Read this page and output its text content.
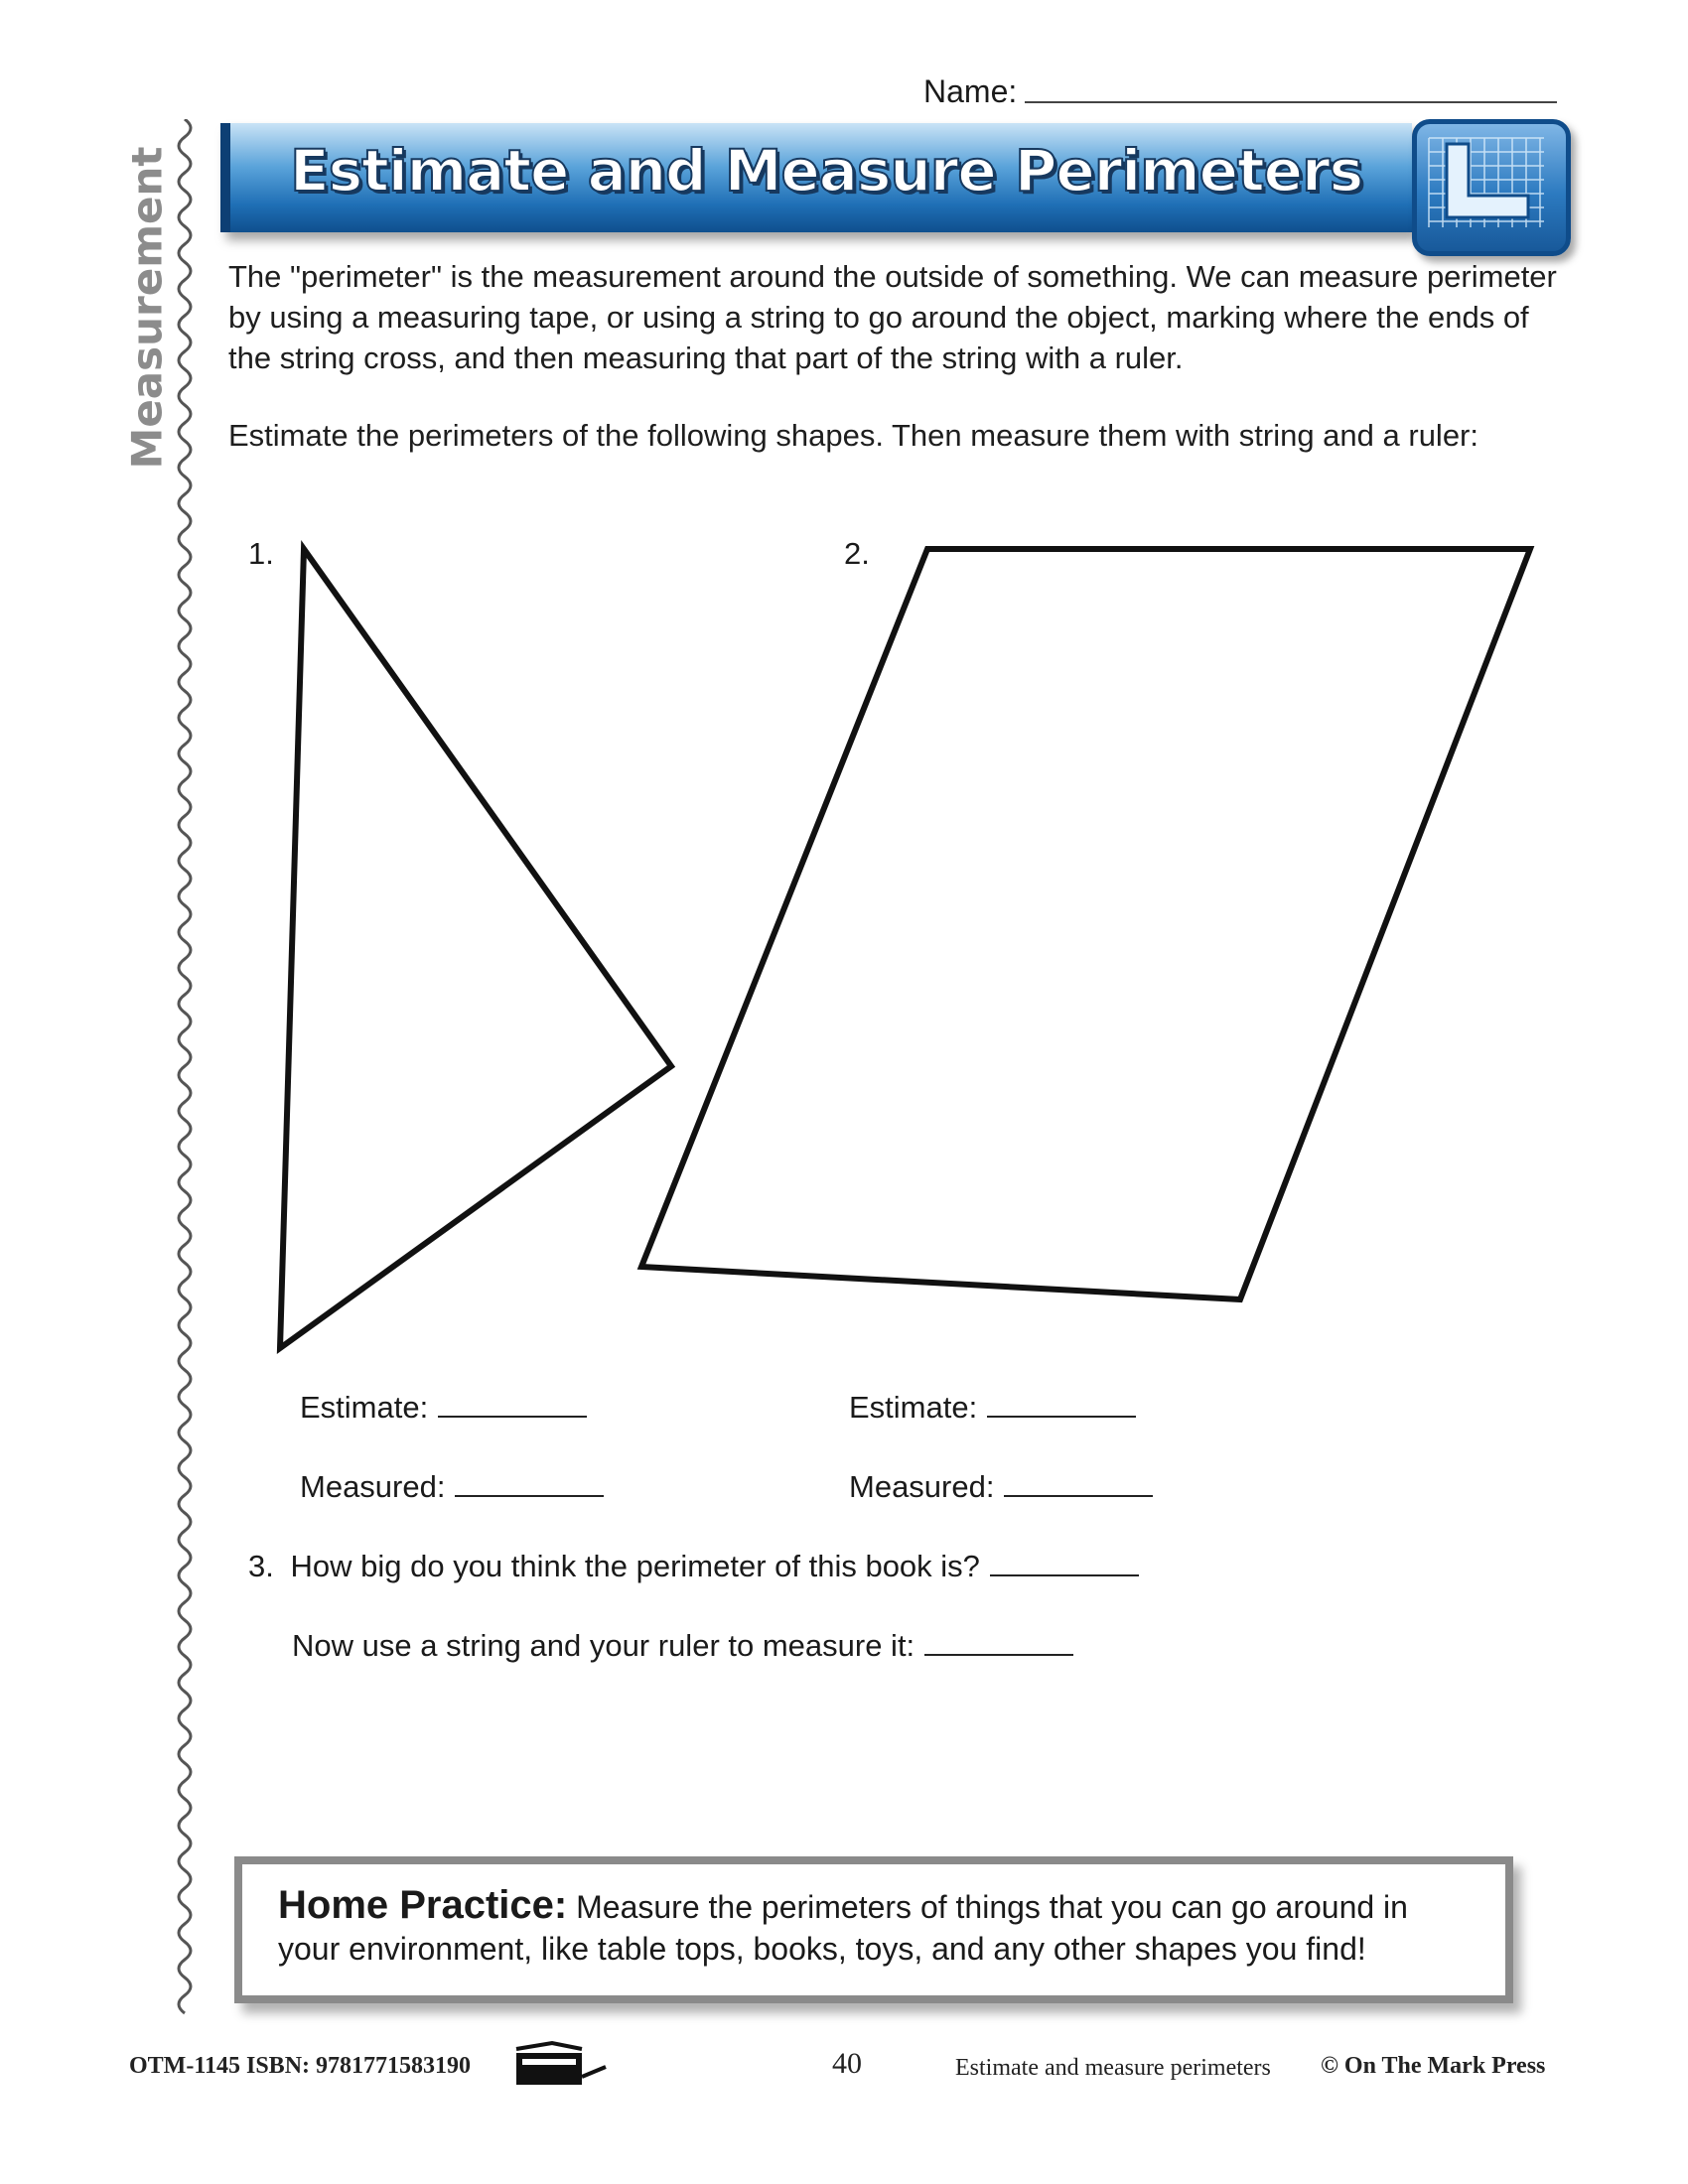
Name:
Measurement Estimate and Measure Perimeters
The "perimeter" is the measurement around the outside of something. We can measure perimeter by using a measuring tape, or using a string to go around the object, marking where the ends of the string cross, and then measuring that part of the string with a ruler.
Estimate the perimeters of the following shapes. Then measure them with string and a ruler:
1.	2.
Estimate:
Measured:
Estimate:
Measured:
3. How big do you think the perimeter of this book is?
Now use a string and your ruler to measure it:
Home Practice: Measure the perimeters of things that you can go around in your environment, like table tops, books, toys, and any other shapes you find!
OTM-1145 ISBN: 9781771583190	40	Estimate and measure perimeters © On The Mark Press
